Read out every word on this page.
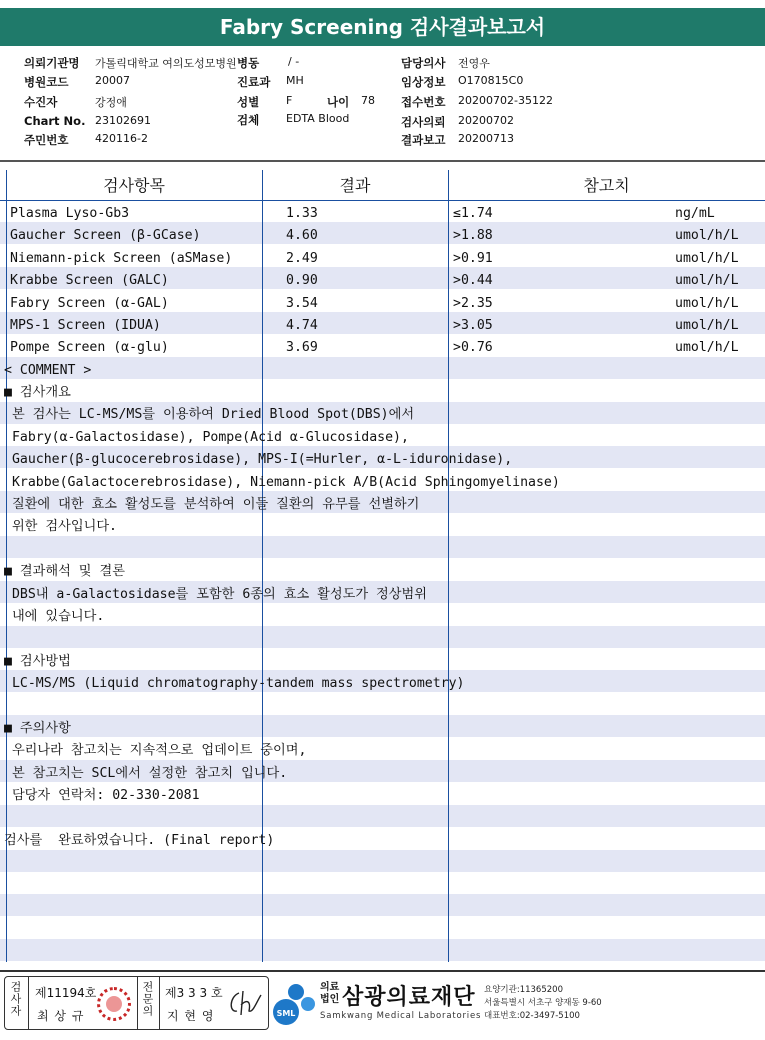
Fabry Screening 검사결과보고서
의뢰기관명 가톨릭대학교 여의도성모병원 병동	/ -	담당의사 전영우
병원코드 20007	진료과 MH	임상정보 O170815C0
수진자	강정애	성별 F	나이 78 접수번호 20200702-35122
Chart No. 23102691	검체 EDTA Blood	검사의뢰 20200702
주민번호 420116-2	결과보고 20200713
검사항목	결과	참고치
Plasma Lyso-Gb3	1.33	≤1.74	ng/mL
Gaucher Screen (β-GCase)	4.60	>1.88	umol/h/L
Niemann-pick Screen (aSMase)	2.49	>0.91	umol/h/L
Krabbe Screen (GALC)	0.90	>0.44	umol/h/L
Fabry Screen (α-GAL)	3.54	>2.35	umol/h/L
MPS-1 Screen (IDUA)	4.74	>3.05	umol/h/L
Pompe Screen (α-glu)	3.69	>0.76	umol/h/L
< COMMENT >
■ 검사개요
본 검사는 LC-MS/MS를 이용하여 Dried Blood Spot(DBS)에서
Fabry(α-Galactosidase), Pompe(Acid α-Glucosidase),
Gaucher(β-glucocerebrosidase), MPS-I(=Hurler, α-L-iduronidase),
Krabbe(Galactocerebrosidase), Niemann-pick A/B(Acid Sphingomyelinase)
질환에 대한 효소 활성도를 분석하여 이들 질환의 유무를 선별하기
위한 검사입니다.
■ 결과해석 및 결론
DBS내 a-Galactosidase를 포함한 6종의 효소 활성도가 정상범위
내에 있습니다.
■ 검사방법
LC-MS/MS (Liquid chromatography-tandem mass spectrometry)
■ 주의사항
우리나라 참고치는 지속적으로 업데이트 중이며,
본 참고치는 SCL에서 설정한 참고치 입니다.
담당자 연락처: 02-330-2081
검사를  완료하였습니다. (Final report)
검사자 제11194호
최 상 규	전문의 제3 3 3 호
지 현 영	SML
의료
법인 삼광의료재단
Samkwang Medical Laboratories
요양기관:11365200
서울특별시 서초구 양재동 9-60
대표번호:02-3497-5100
